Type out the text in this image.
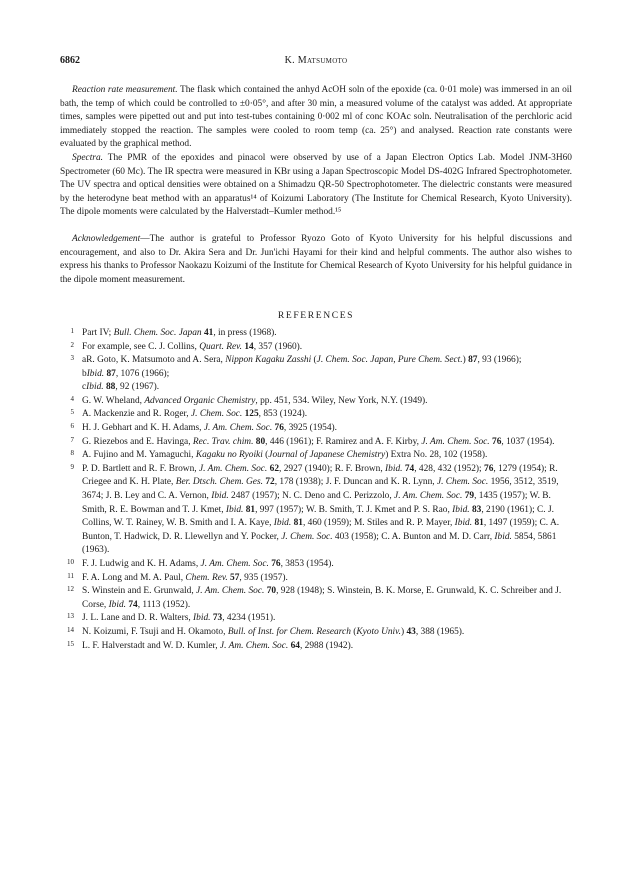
6862	K. Matsumoto

Reaction rate measurement. The flask which contained the anhyd AcOH soln of the epoxide (ca. 0·01 mole) was immersed in an oil bath, the temp of which could be controlled to ±0·05°, and after 30 min, a measured volume of the catalyst was added. At appropriate times, samples were pipetted out and put into test-tubes containing 0·002 ml of conc KOAc soln. Neutralisation of the perchloric acid immediately stopped the reaction. The samples were cooled to room temp (ca. 25°) and analysed. Reaction rate constants were evaluated by the graphical method.

Spectra. The PMR of the epoxides and pinacol were observed by use of a Japan Electron Optics Lab. Model JNM-3H60 Spectrometer (60 Mc). The IR spectra were measured in KBr using a Japan Spectroscopic Model DS-402G Infrared Spectrophotometer. The UV spectra and optical densities were obtained on a Shimadzu QR-50 Spectrophotometer. The dielectric constants were measured by the heterodyne beat method with an apparatus¹⁴ of Koizumi Laboratory (The Institute for Chemical Research, Kyoto University). The dipole moments were calculated by the Halverstadt–Kumler method.¹⁵

Acknowledgement—The author is grateful to Professor Ryozo Goto of Kyoto University for his helpful discussions and encouragement, and also to Dr. Akira Sera and Dr. Jun'ichi Hayami for their kind and helpful comments. The author also wishes to express his thanks to Professor Naokazu Koizumi of the Institute for Chemical Research of Kyoto University for his helpful guidance in the dipole moment measurement.

REFERENCES
1 Part IV; Bull. Chem. Soc. Japan 41, in press (1968).
2 For example, see C. J. Collins, Quart. Rev. 14, 357 (1960).
3 aR. Goto, K. Matsumoto and A. Sera, Nippon Kagaku Zasshi (J. Chem. Soc. Japan, Pure Chem. Sect.) 87, 93 (1966);
bIbid. 87, 1076 (1966);
cIbid. 88, 92 (1967).
4 G. W. Wheland, Advanced Organic Chemistry, pp. 451, 534. Wiley, New York, N.Y. (1949).
5 A. Mackenzie and R. Roger, J. Chem. Soc. 125, 853 (1924).
6 H. J. Gebhart and K. H. Adams, J. Am. Chem. Soc. 76, 3925 (1954).
7 G. Riezebos and E. Havinga, Rec. Trav. chim. 80, 446 (1961); F. Ramirez and A. F. Kirby, J. Am. Chem. Soc. 76, 1037 (1954).
8 A. Fujino and M. Yamaguchi, Kagaku no Ryoiki (Journal of Japanese Chemistry) Extra No. 28, 102 (1958).
9 P. D. Bartlett and R. F. Brown, J. Am. Chem. Soc. 62, 2927 (1940); R. F. Brown, Ibid. 74, 428, 432 (1952); 76, 1279 (1954); R. Criegee and K. H. Plate, Ber. Dtsch. Chem. Ges. 72, 178 (1938); J. F. Duncan and K. R. Lynn, J. Chem. Soc. 1956, 3512, 3519, 3674; J. B. Ley and C. A. Vernon, Ibid. 2487 (1957); N. C. Deno and C. Perizzolo, J. Am. Chem. Soc. 79, 1435 (1957); W. B. Smith, R. E. Bowman and T. J. Kmet, Ibid. 81, 997 (1957); W. B. Smith, T. J. Kmet and P. S. Rao, Ibid. 83, 2190 (1961); C. J. Collins, W. T. Rainey, W. B. Smith and I. A. Kaye, Ibid. 81, 460 (1959); M. Stiles and R. P. Mayer, Ibid. 81, 1497 (1959); C. A. Bunton, T. Hadwick, D. R. Llewellyn and Y. Pocker, J. Chem. Soc. 403 (1958); C. A. Bunton and M. D. Carr, Ibid. 5854, 5861 (1963).
10 F. J. Ludwig and K. H. Adams, J. Am. Chem. Soc. 76, 3853 (1954).
11 F. A. Long and M. A. Paul, Chem. Rev. 57, 935 (1957).
12 S. Winstein and E. Grunwald, J. Am. Chem. Soc. 70, 928 (1948); S. Winstein, B. K. Morse, E. Grunwald, K. C. Schreiber and J. Corse, Ibid. 74, 1113 (1952).
13 J. L. Lane and D. R. Walters, Ibid. 73, 4234 (1951).
14 N. Koizumi, F. Tsuji and H. Okamoto, Bull. of Inst. for Chem. Research (Kyoto Univ.) 43, 388 (1965).
15 L. F. Halverstadt and W. D. Kumler, J. Am. Chem. Soc. 64, 2988 (1942).
